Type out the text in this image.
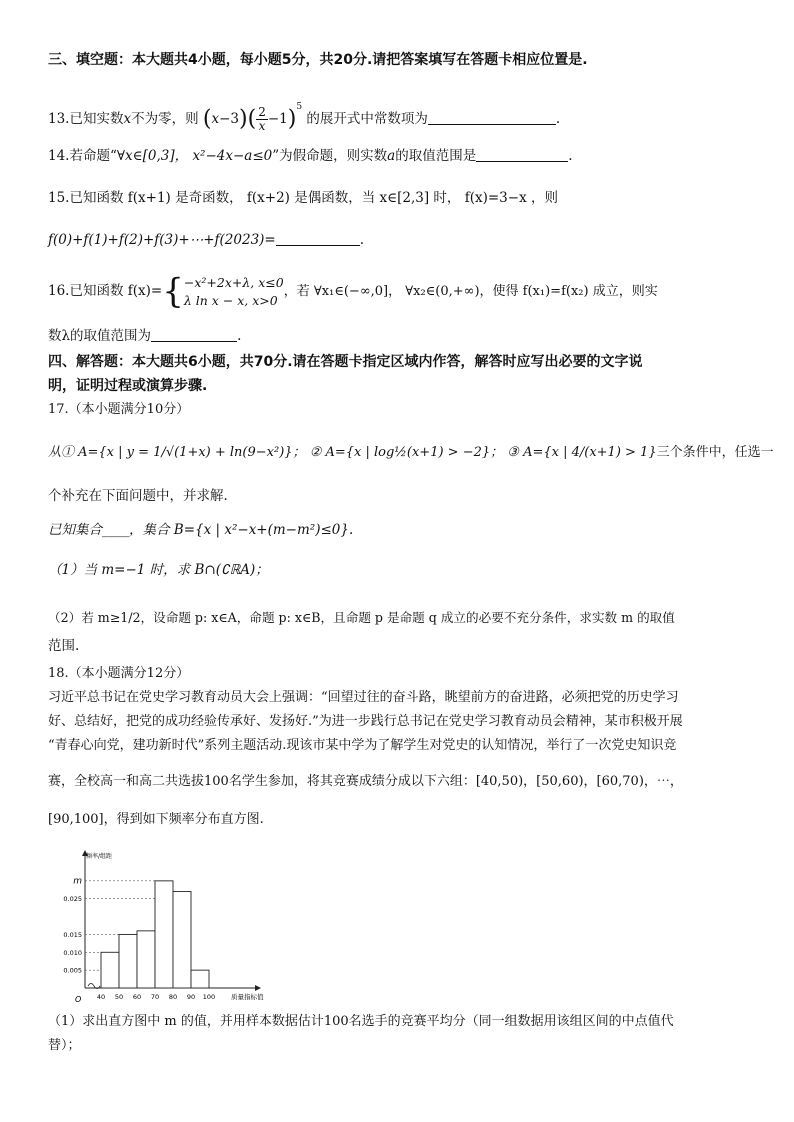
三、填空题：本大题共4小题，每小题5分，共20分.请把答案填写在答题卡相应位置是.
13.已知实数x不为零，则 $(x-3)( \frac{2}{x} -1)^5$ 的展开式中常数项为	.
14.若命题“∀x∈[0,3]， x²−4x−a≤0”为假命题，则实数a的取值范围是	.
15.已知函数 f(x+1) 是奇函数， f(x+2) 是偶函数，当 x∈[2,3] 时， f(x)=3−x ，则
f(0)+f(1)+f(2)+f(3)+⋯+f(2023)=	.
16.已知函数 f(x)={ −x²+2x+λ, x≤0
λ ln x − x, x>0
，若 ∀x₁∈(−∞,0]， ∀x₂∈(0,+∞)，使得 f(x₁)=f(x₂) 成立，则实
数λ的取值范围为	.
四、解答题：本大题共6小题，共70分.请在答题卡指定区域内作答，解答时应写出必要的文字说
明，证明过程或演算步骤.
17.（本小题满分10分）
从① A={x | y = 1/√(1+x) + ln(9−x²)}； ② A={x | log½(x+1) > −2}； ③ A={x | 4/(x+1) > 1}三个条件中，任选一
个补充在下面问题中，并求解.
已知集合____，集合 B={x | x²−x+(m−m²)≤0}.
（1）当 m=−1 时，求 B∩(∁ℝA)；
（2）若 m≥1/2，设命题 p: x∈A，命题 p: x∈B，且命题 p 是命题 q 成立的必要不充分条件，求实数 m 的取值
范围.
18.（本小题满分12分）
习近平总书记在党史学习教育动员大会上强调：“回望过往的奋斗路，眺望前方的奋进路，必须把党的历史学习
好、总结好，把党的成功经验传承好、发扬好.”为进一步践行总书记在党史学习教育动员会精神，某市积极开展
“青春心向党，建功新时代”系列主题活动.现该市某中学为了解学生对党史的认知情况，举行了一次党史知识竞
赛，全校高一和高二共选拔100名学生参加，将其竞赛成绩分成以下六组：[40,50)，[50,60)，[60,70)，⋯，
[90,100]，得到如下频率分布直方图.
频率/组距
O
m
0.025
0.015
0.010
0.005
40 50 60 70 80 90 100 质量指标值
（1）求出直方图中 m 的值，并用样本数据估计100名选手的竞赛平均分（同一组数据用该组区间的中点值代
替）；
